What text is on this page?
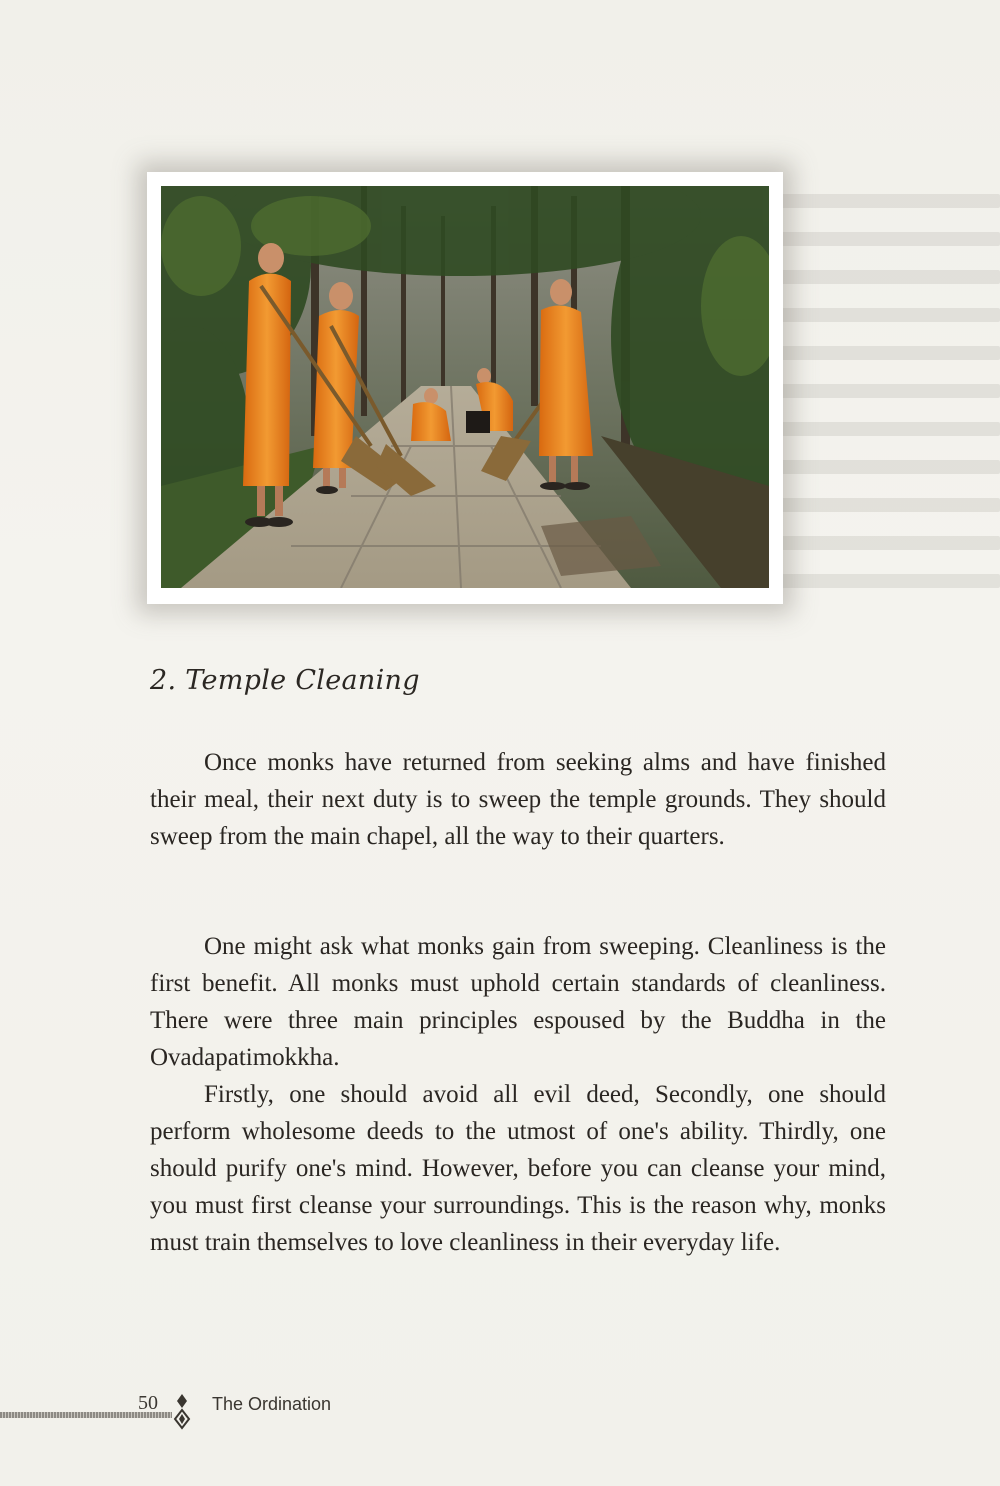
2. Temple Cleaning

Once monks have returned from seeking alms and have finished their meal, their next duty is to sweep the temple grounds. They should sweep from the main chapel, all the way to their quarters.

One might ask what monks gain from sweeping. Cleanliness is the first benefit. All monks must uphold certain standards of cleanliness. There were three main principles espoused by the Buddha in the Ovadapatimokkha.

Firstly, one should avoid all evil deed, Secondly, one should perform wholesome deeds to the utmost of one's ability. Thirdly, one should purify one's mind. However, before you can cleanse your mind, you must first cleanse your surroundings. This is the reason why, monks must train themselves to love cleanliness in their everyday life.

50	The Ordination
